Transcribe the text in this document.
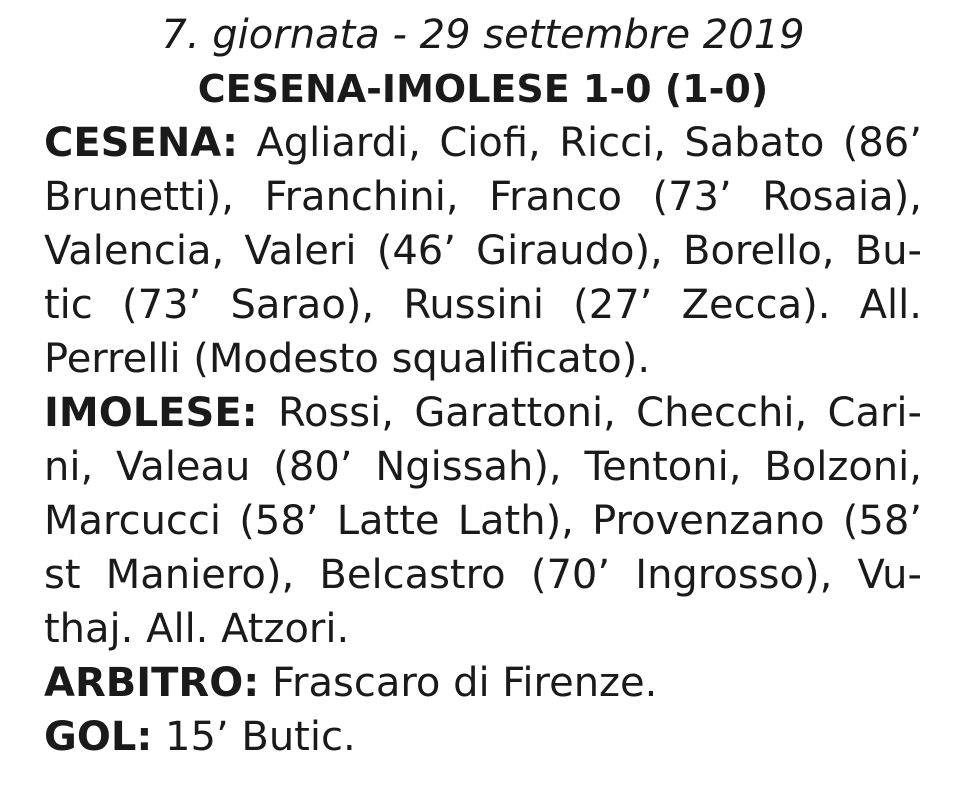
7. giornata - 29 settembre 2019
CESENA-IMOLESE 1-0 (1-0)
CESENA: Agliardi, Ciofi, Ricci, Sabato (86’
Brunetti), Franchini, Franco (73’ Rosaia),
Valencia, Valeri (46’ Giraudo), Borello, Bu-
tic (73’ Sarao), Russini (27’ Zecca). All.
Perrelli (Modesto squalificato).
IMOLESE: Rossi, Garattoni, Checchi, Cari-
ni, Valeau (80’ Ngissah), Tentoni, Bolzoni,
Marcucci (58’ Latte Lath), Provenzano (58’
st Maniero), Belcastro (70’ Ingrosso), Vu-
thaj. All. Atzori.
ARBITRO: Frascaro di Firenze.
GOL: 15’ Butic.
